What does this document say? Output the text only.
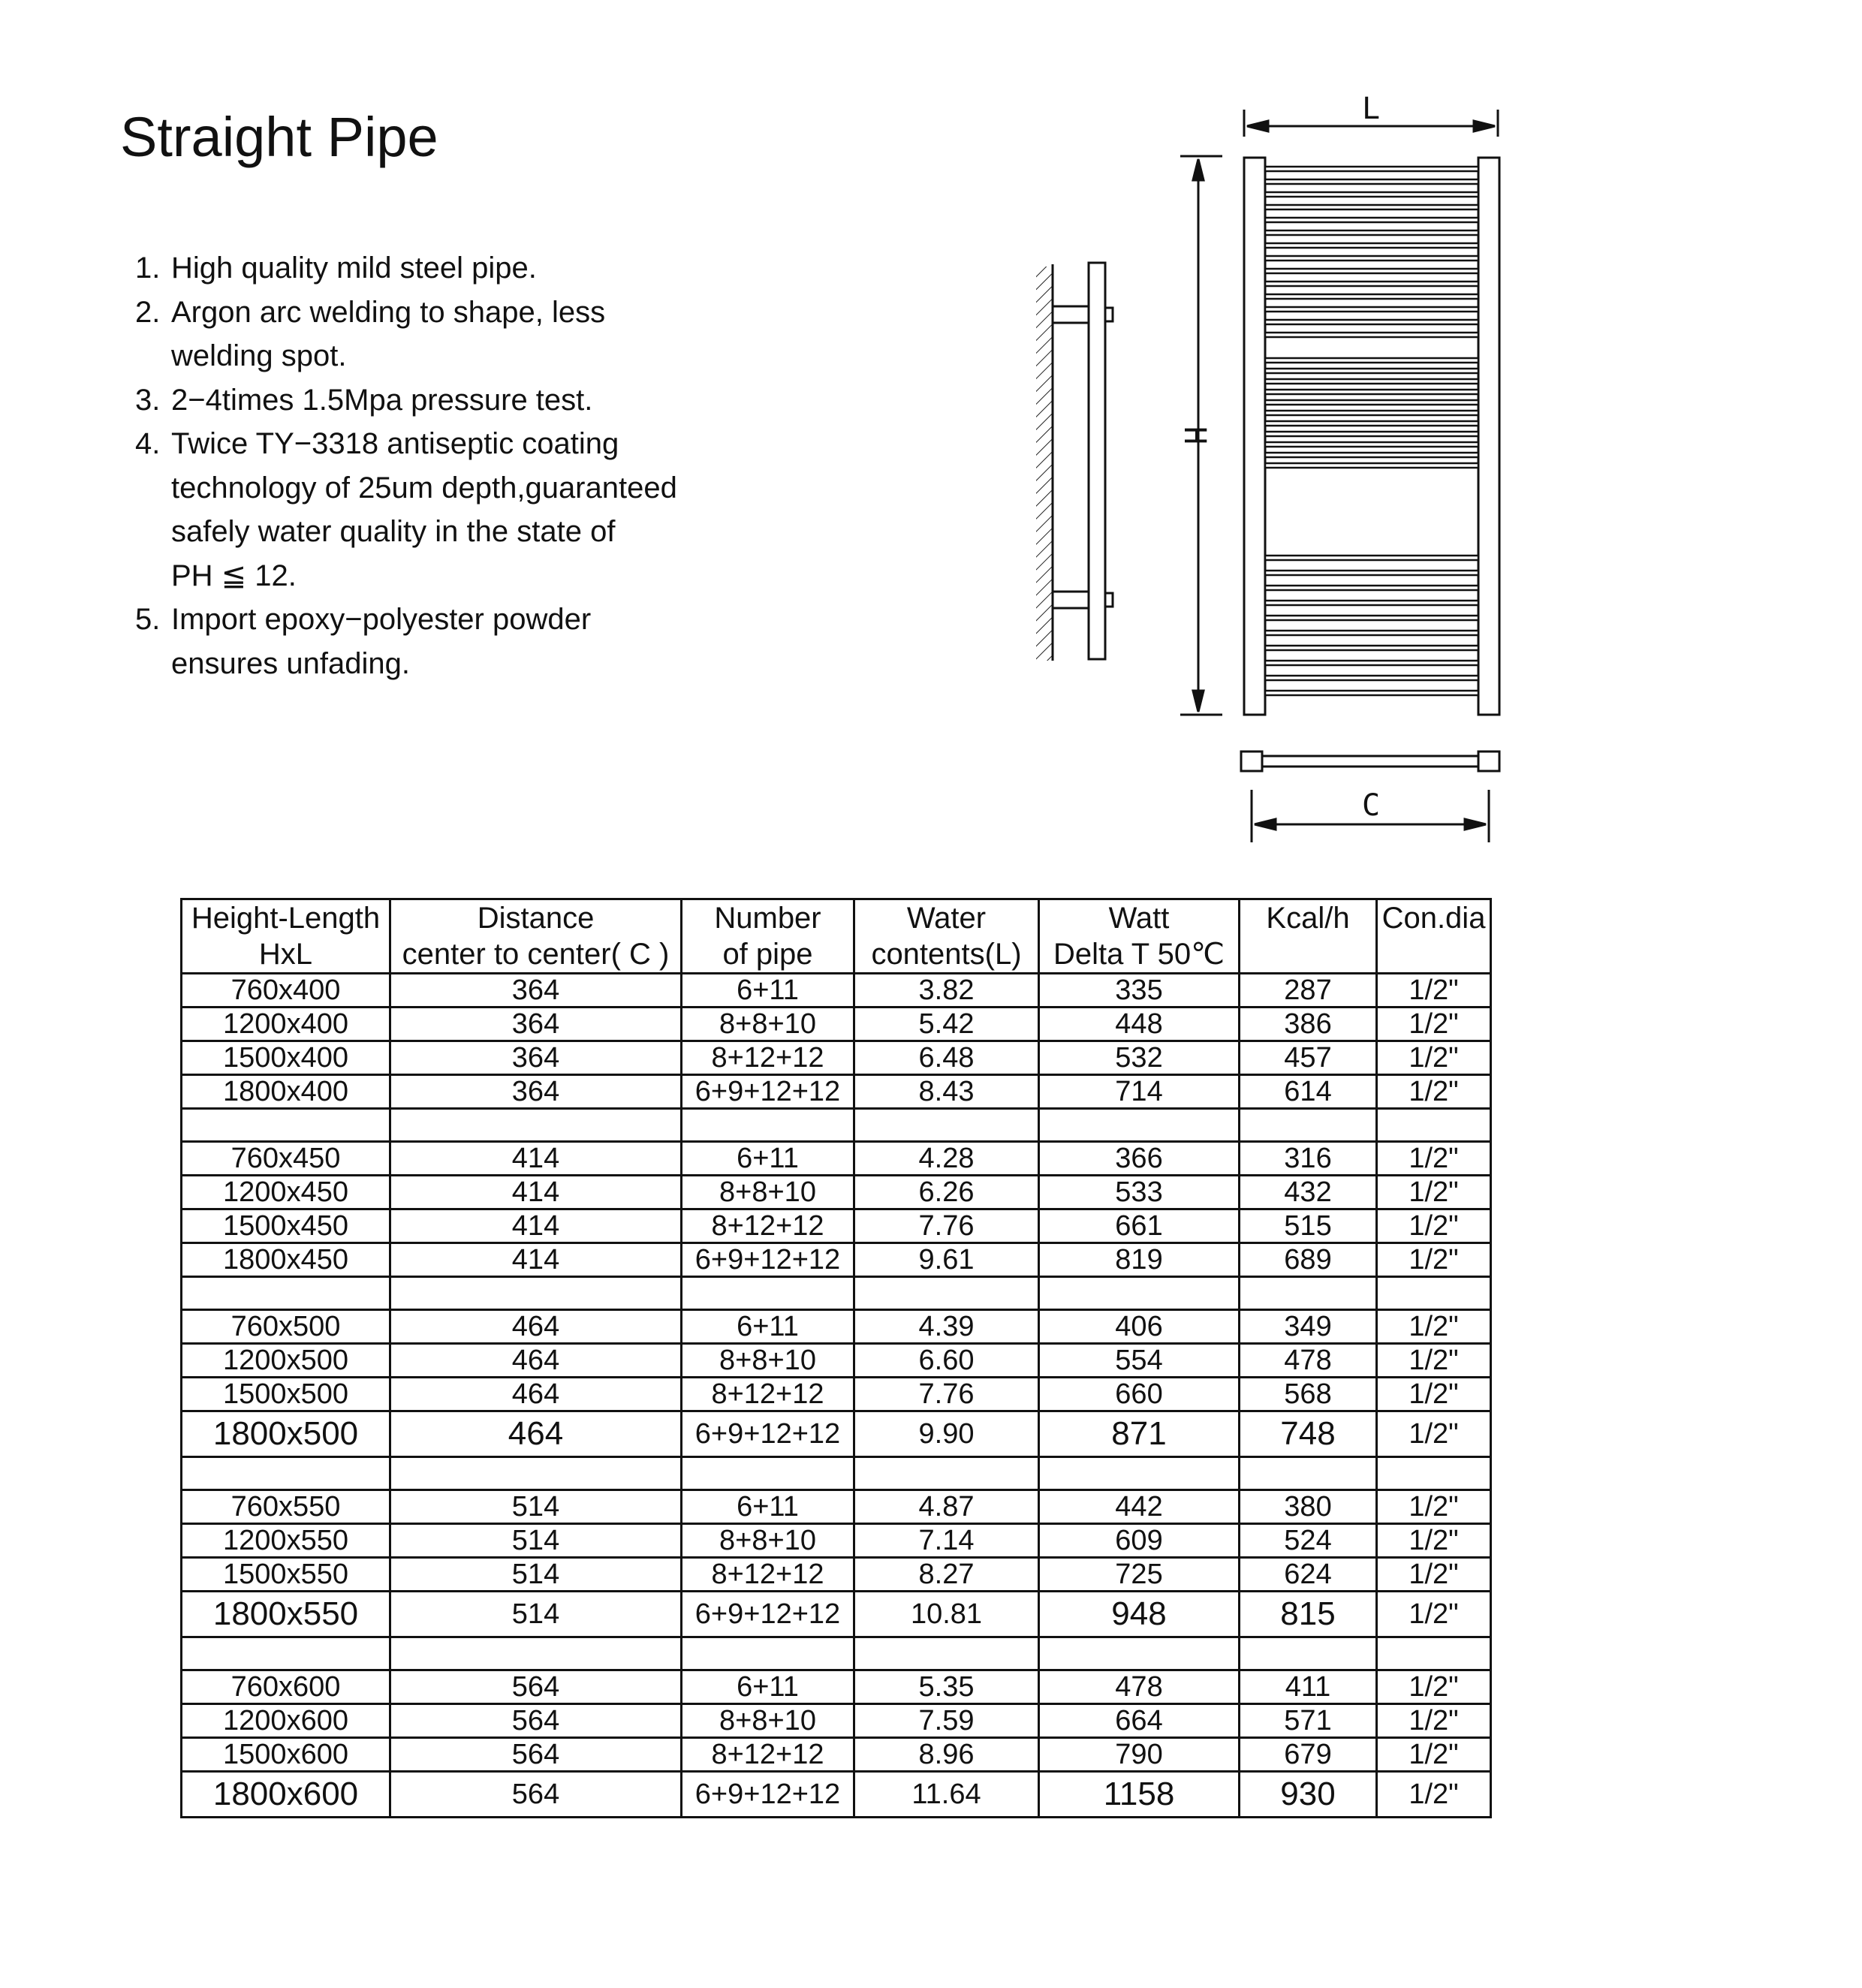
Straight Pipe
1. High quality mild steel pipe.
2. Argon arc welding to shape, less
welding spot.
3. 2−4times 1.5Mpa pressure test.
4. Twice TY−3318 antiseptic coating
technology of 25um depth,guaranteed
safely water quality in the state of
PH ≦ 12.
5. Import epoxy−polyester powder
ensures unfading.
H
L
C
Height-Length	Distance	Number	Water	Watt	Kcal/h	Con.dia
HxL	center to center( C )	of pipe	contents(L)	Delta T 50℃		
760x400	364	6+11	3.82	335	287	1/2"
1200x400	364	8+8+10	5.42	448	386	1/2"
1500x400	364	8+12+12	6.48	532	457	1/2"
1800x400	364	6+9+12+12	8.43	714	614	1/2"

760x450	414	6+11	4.28	366	316	1/2"
1200x450	414	8+8+10	6.26	533	432	1/2"
1500x450	414	8+12+12	7.76	661	515	1/2"
1800x450	414	6+9+12+12	9.61	819	689	1/2"

760x500	464	6+11	4.39	406	349	1/2"
1200x500	464	8+8+10	6.60	554	478	1/2"
1500x500	464	8+12+12	7.76	660	568	1/2"
1800x500	464	6+9+12+12	9.90	871	748	1/2"

760x550	514	6+11	4.87	442	380	1/2"
1200x550	514	8+8+10	7.14	609	524	1/2"
1500x550	514	8+12+12	8.27	725	624	1/2"
1800x550	514	6+9+12+12	10.81	948	815	1/2"

760x600	564	6+11	5.35	478	411	1/2"
1200x600	564	8+8+10	7.59	664	571	1/2"
1500x600	564	8+12+12	8.96	790	679	1/2"
1800x600	564	6+9+12+12	11.64	1158	930	1/2"
